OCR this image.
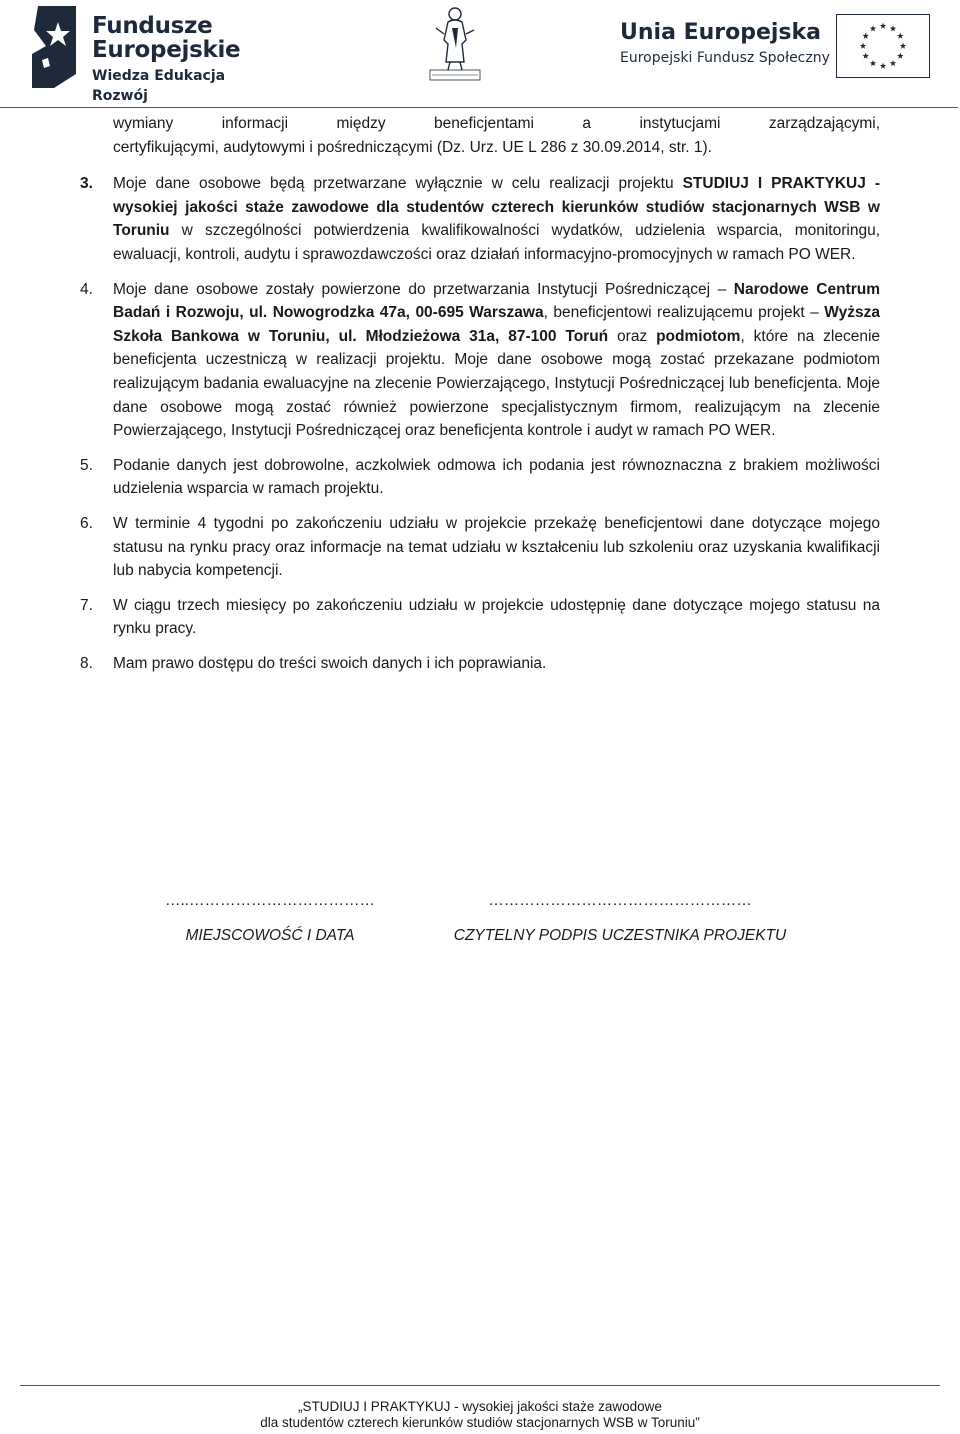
Fundusze
Europejskie
Wiedza Edukacja Rozwój
Unia Europejska
Europejski Fundusz Społeczny
wymiany informacji między beneficjentami a instytucjami zarządzającymi,
certyfikującymi, audytowymi i pośredniczącymi (Dz. Urz. UE L 286 z 30.09.2014, str. 1).
3. Moje dane osobowe będą przetwarzane wyłącznie w celu realizacji projektu STUDIUJ I PRAKTYKUJ - wysokiej jakości staże zawodowe dla studentów czterech kierunków studiów stacjonarnych WSB w Toruniu w szczególności potwierdzenia kwalifikowalności wydatków, udzielenia wsparcia, monitoringu, ewaluacji, kontroli, audytu i sprawozdawczości oraz działań informacyjno-promocyjnych w ramach PO WER.
4. Moje dane osobowe zostały powierzone do przetwarzania Instytucji Pośredniczącej – Narodowe Centrum Badań i Rozwoju, ul. Nowogrodzka 47a, 00-695 Warszawa, beneficjentowi realizującemu projekt – Wyższa Szkoła Bankowa w Toruniu, ul. Młodzieżowa 31a, 87-100 Toruń oraz podmiotom, które na zlecenie beneficjenta uczestniczą w realizacji projektu. Moje dane osobowe mogą zostać przekazane podmiotom realizującym badania ewaluacyjne na zlecenie Powierzającego, Instytucji Pośredniczącej lub beneficjenta. Moje dane osobowe mogą zostać również powierzone specjalistycznym firmom, realizującym na zlecenie Powierzającego, Instytucji Pośredniczącej oraz beneficjenta kontrole i audyt w ramach PO WER.
5. Podanie danych jest dobrowolne, aczkolwiek odmowa ich podania jest równoznaczna z brakiem możliwości udzielenia wsparcia w ramach projektu.
6. W terminie 4 tygodni po zakończeniu udziału w projekcie przekażę beneficjentowi dane dotyczące mojego statusu na rynku pracy oraz informacje na temat udziału w kształceniu lub szkoleniu oraz uzyskania kwalifikacji lub nabycia kompetencji.
7. W ciągu trzech miesięcy po zakończeniu udziału w projekcie udostępnię dane dotyczące mojego statusu na rynku pracy.
8. Mam prawo dostępu do treści swoich danych i ich poprawiania.
…..………………………………
MIEJSCOWOŚĆ I DATA
……………………………………………
CZYTELNY PODPIS UCZESTNIKA PROJEKTU
„STUDIUJ I PRAKTYKUJ - wysokiej jakości staże zawodowe
dla studentów czterech kierunków studiów stacjonarnych WSB w Toruniu”
